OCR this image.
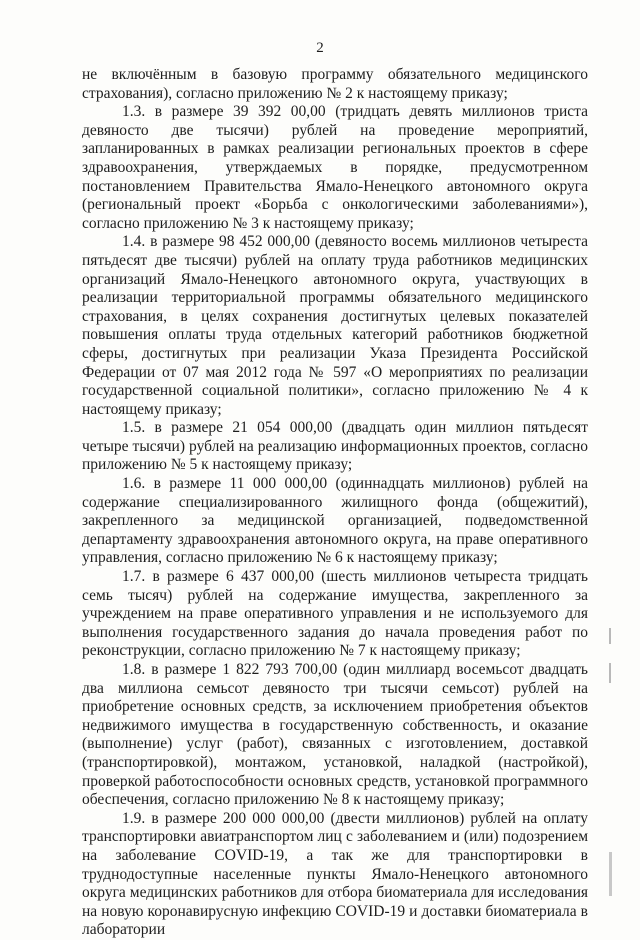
2

не включённым в базовую программу обязательного медицинского страхования), согласно приложению № 2 к настоящему приказу;

1.3. в размере 39 392 00,00 (тридцать девять миллионов триста девяносто две тысячи) рублей на проведение мероприятий, запланированных в рамках реализации региональных проектов в сфере здравоохранения, утверждаемых в порядке, предусмотренном постановлением Правительства Ямало-Ненецкого автономного округа (региональный проект «Борьба с онкологическими заболеваниями»), согласно приложению № 3 к настоящему приказу;

1.4. в размере 98 452 000,00 (девяносто восемь миллионов четыреста пятьдесят две тысячи) рублей на оплату труда работников медицинских организаций Ямало-Ненецкого автономного округа, участвующих в реализации территориальной программы обязательного медицинского страхования, в целях сохранения достигнутых целевых показателей повышения оплаты труда отдельных категорий работников бюджетной сферы, достигнутых при реализации Указа Президента Российской Федерации от 07 мая 2012 года № 597 «О мероприятиях по реализации государственной социальной политики», согласно приложению № 4 к настоящему приказу;

1.5. в размере 21 054 000,00 (двадцать один миллион пятьдесят четыре тысячи) рублей на реализацию информационных проектов, согласно приложению № 5 к настоящему приказу;

1.6. в размере 11 000 000,00 (одиннадцать миллионов) рублей на содержание специализированного жилищного фонда (общежитий), закрепленного за медицинской организацией, подведомственной департаменту здравоохранения автономного округа, на праве оперативного управления, согласно приложению № 6 к настоящему приказу;

1.7. в размере 6 437 000,00 (шесть миллионов четыреста тридцать семь тысяч) рублей на содержание имущества, закрепленного за учреждением на праве оперативного управления и не используемого для выполнения государственного задания до начала проведения работ по реконструкции, согласно приложению № 7 к настоящему приказу;

1.8. в размере 1 822 793 700,00 (один миллиард восемьсот двадцать два миллиона семьсот девяносто три тысячи семьсот) рублей на приобретение основных средств, за исключением приобретения объектов недвижимого имущества в государственную собственность, и оказание (выполнение) услуг (работ), связанных с изготовлением, доставкой (транспортировкой), монтажом, установкой, наладкой (настройкой), проверкой работоспособности основных средств, установкой программного обеспечения, согласно приложению № 8 к настоящему приказу;

1.9. в размере 200 000 000,00 (двести миллионов) рублей на оплату транспортировки авиатранспортом лиц с заболеванием и (или) подозрением на заболевание COVID-19, а так же для транспортировки в труднодоступные населенные пункты Ямало-Ненецкого автономного округа медицинских работников для отбора биоматериала для исследования на новую коронавирусную инфекцию COVID-19 и доставки биоматериала в лаборатории
